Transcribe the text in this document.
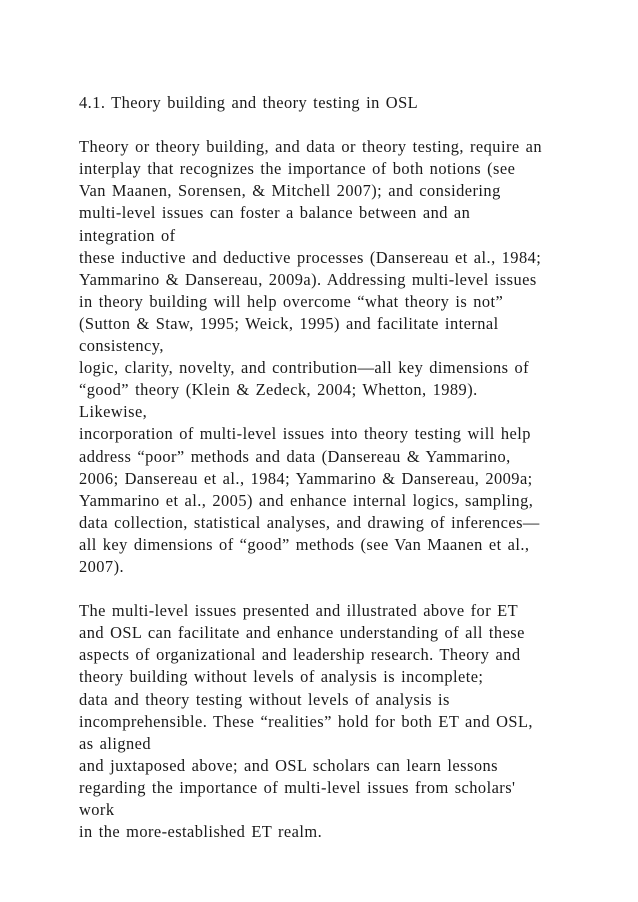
4.1. Theory building and theory testing in OSL
Theory or theory building, and data or theory testing, require an
interplay that recognizes the importance of both notions (see
Van Maanen, Sorensen, & Mitchell 2007); and considering
multi-level issues can foster a balance between and an
integration of
these inductive and deductive processes (Dansereau et al., 1984;
Yammarino & Dansereau, 2009a). Addressing multi-level issues
in theory building will help overcome “what theory is not”
(Sutton & Staw, 1995; Weick, 1995) and facilitate internal
consistency,
logic, clarity, novelty, and contribution—all key dimensions of
“good” theory (Klein & Zedeck, 2004; Whetton, 1989).
Likewise,
incorporation of multi-level issues into theory testing will help
address “poor” methods and data (Dansereau & Yammarino,
2006; Dansereau et al., 1984; Yammarino & Dansereau, 2009a;
Yammarino et al., 2005) and enhance internal logics, sampling,
data collection, statistical analyses, and drawing of inferences—
all key dimensions of “good” methods (see Van Maanen et al.,
2007).
The multi-level issues presented and illustrated above for ET
and OSL can facilitate and enhance understanding of all these
aspects of organizational and leadership research. Theory and
theory building without levels of analysis is incomplete;
data and theory testing without levels of analysis is
incomprehensible. These “realities” hold for both ET and OSL,
as aligned
and juxtaposed above; and OSL scholars can learn lessons
regarding the importance of multi-level issues from scholars'
work
in the more-established ET realm.
